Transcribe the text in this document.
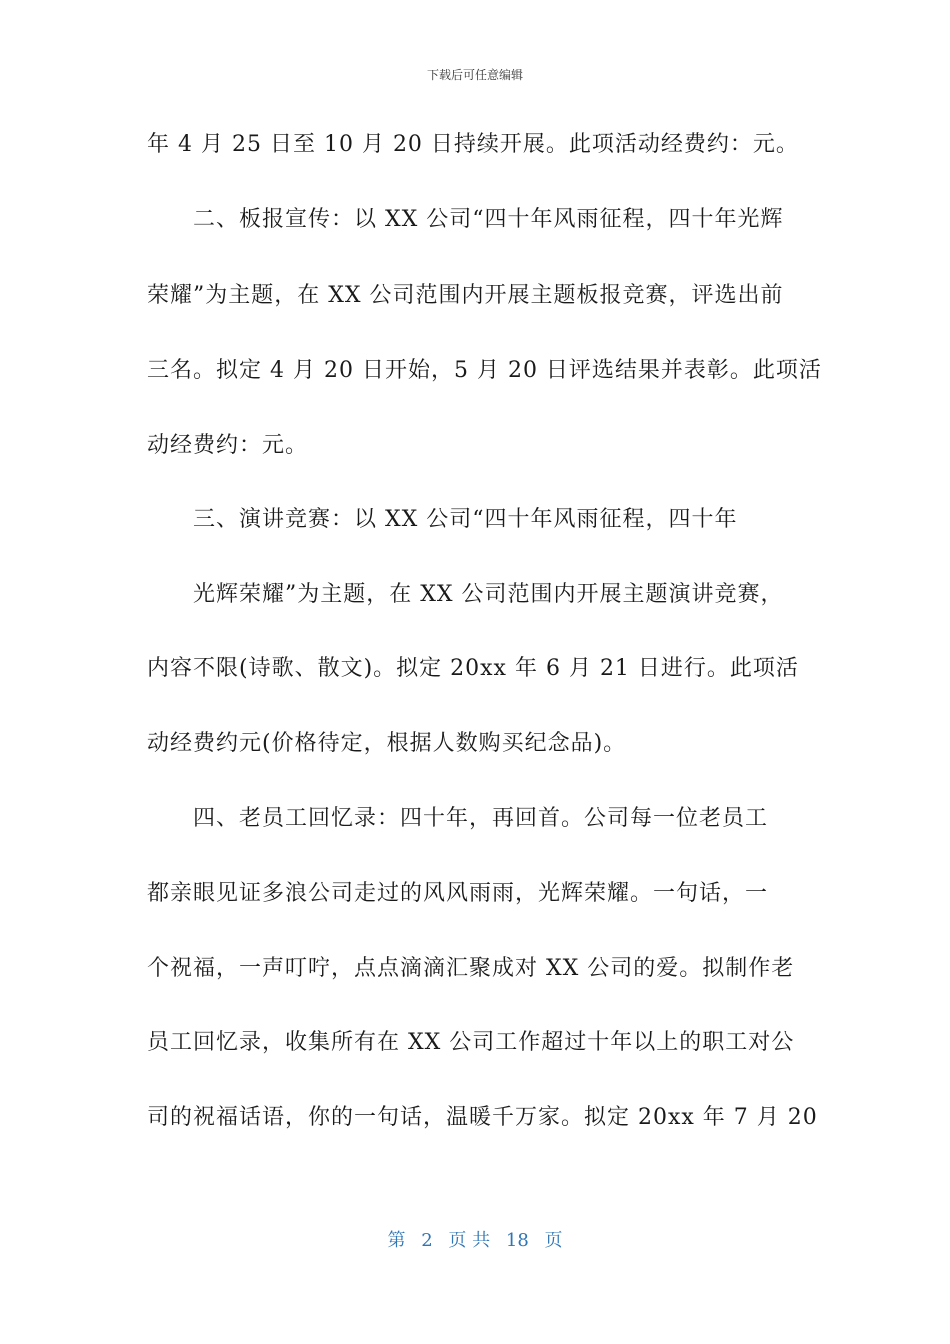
下载后可任意编辑
年 4 月 25 日至 10 月 20 日持续开展。此项活动经费约：元。
二、板报宣传：以 XX 公司“四十年风雨征程，四十年光辉
荣耀”为主题，在 XX 公司范围内开展主题板报竞赛，评选出前
三名。拟定 4 月 20 日开始，5 月 20 日评选结果并表彰。此项活
动经费约：元。
三、演讲竞赛：以 XX 公司“四十年风雨征程，四十年
光辉荣耀”为主题，在 XX 公司范围内开展主题演讲竞赛，
内容不限(诗歌、散文)。拟定 20xx 年 6 月 21 日进行。此项活
动经费约元(价格待定，根据人数购买纪念品)。
四、老员工回忆录：四十年，再回首。公司每一位老员工
都亲眼见证多浪公司走过的风风雨雨，光辉荣耀。一句话，一
个祝福，一声叮咛，点点滴滴汇聚成对 XX 公司的爱。拟制作老
员工回忆录，收集所有在 XX 公司工作超过十年以上的职工对公
司的祝福话语，你的一句话，温暖千万家。拟定 20xx 年 7 月 20
第 2 页 共 18 页
